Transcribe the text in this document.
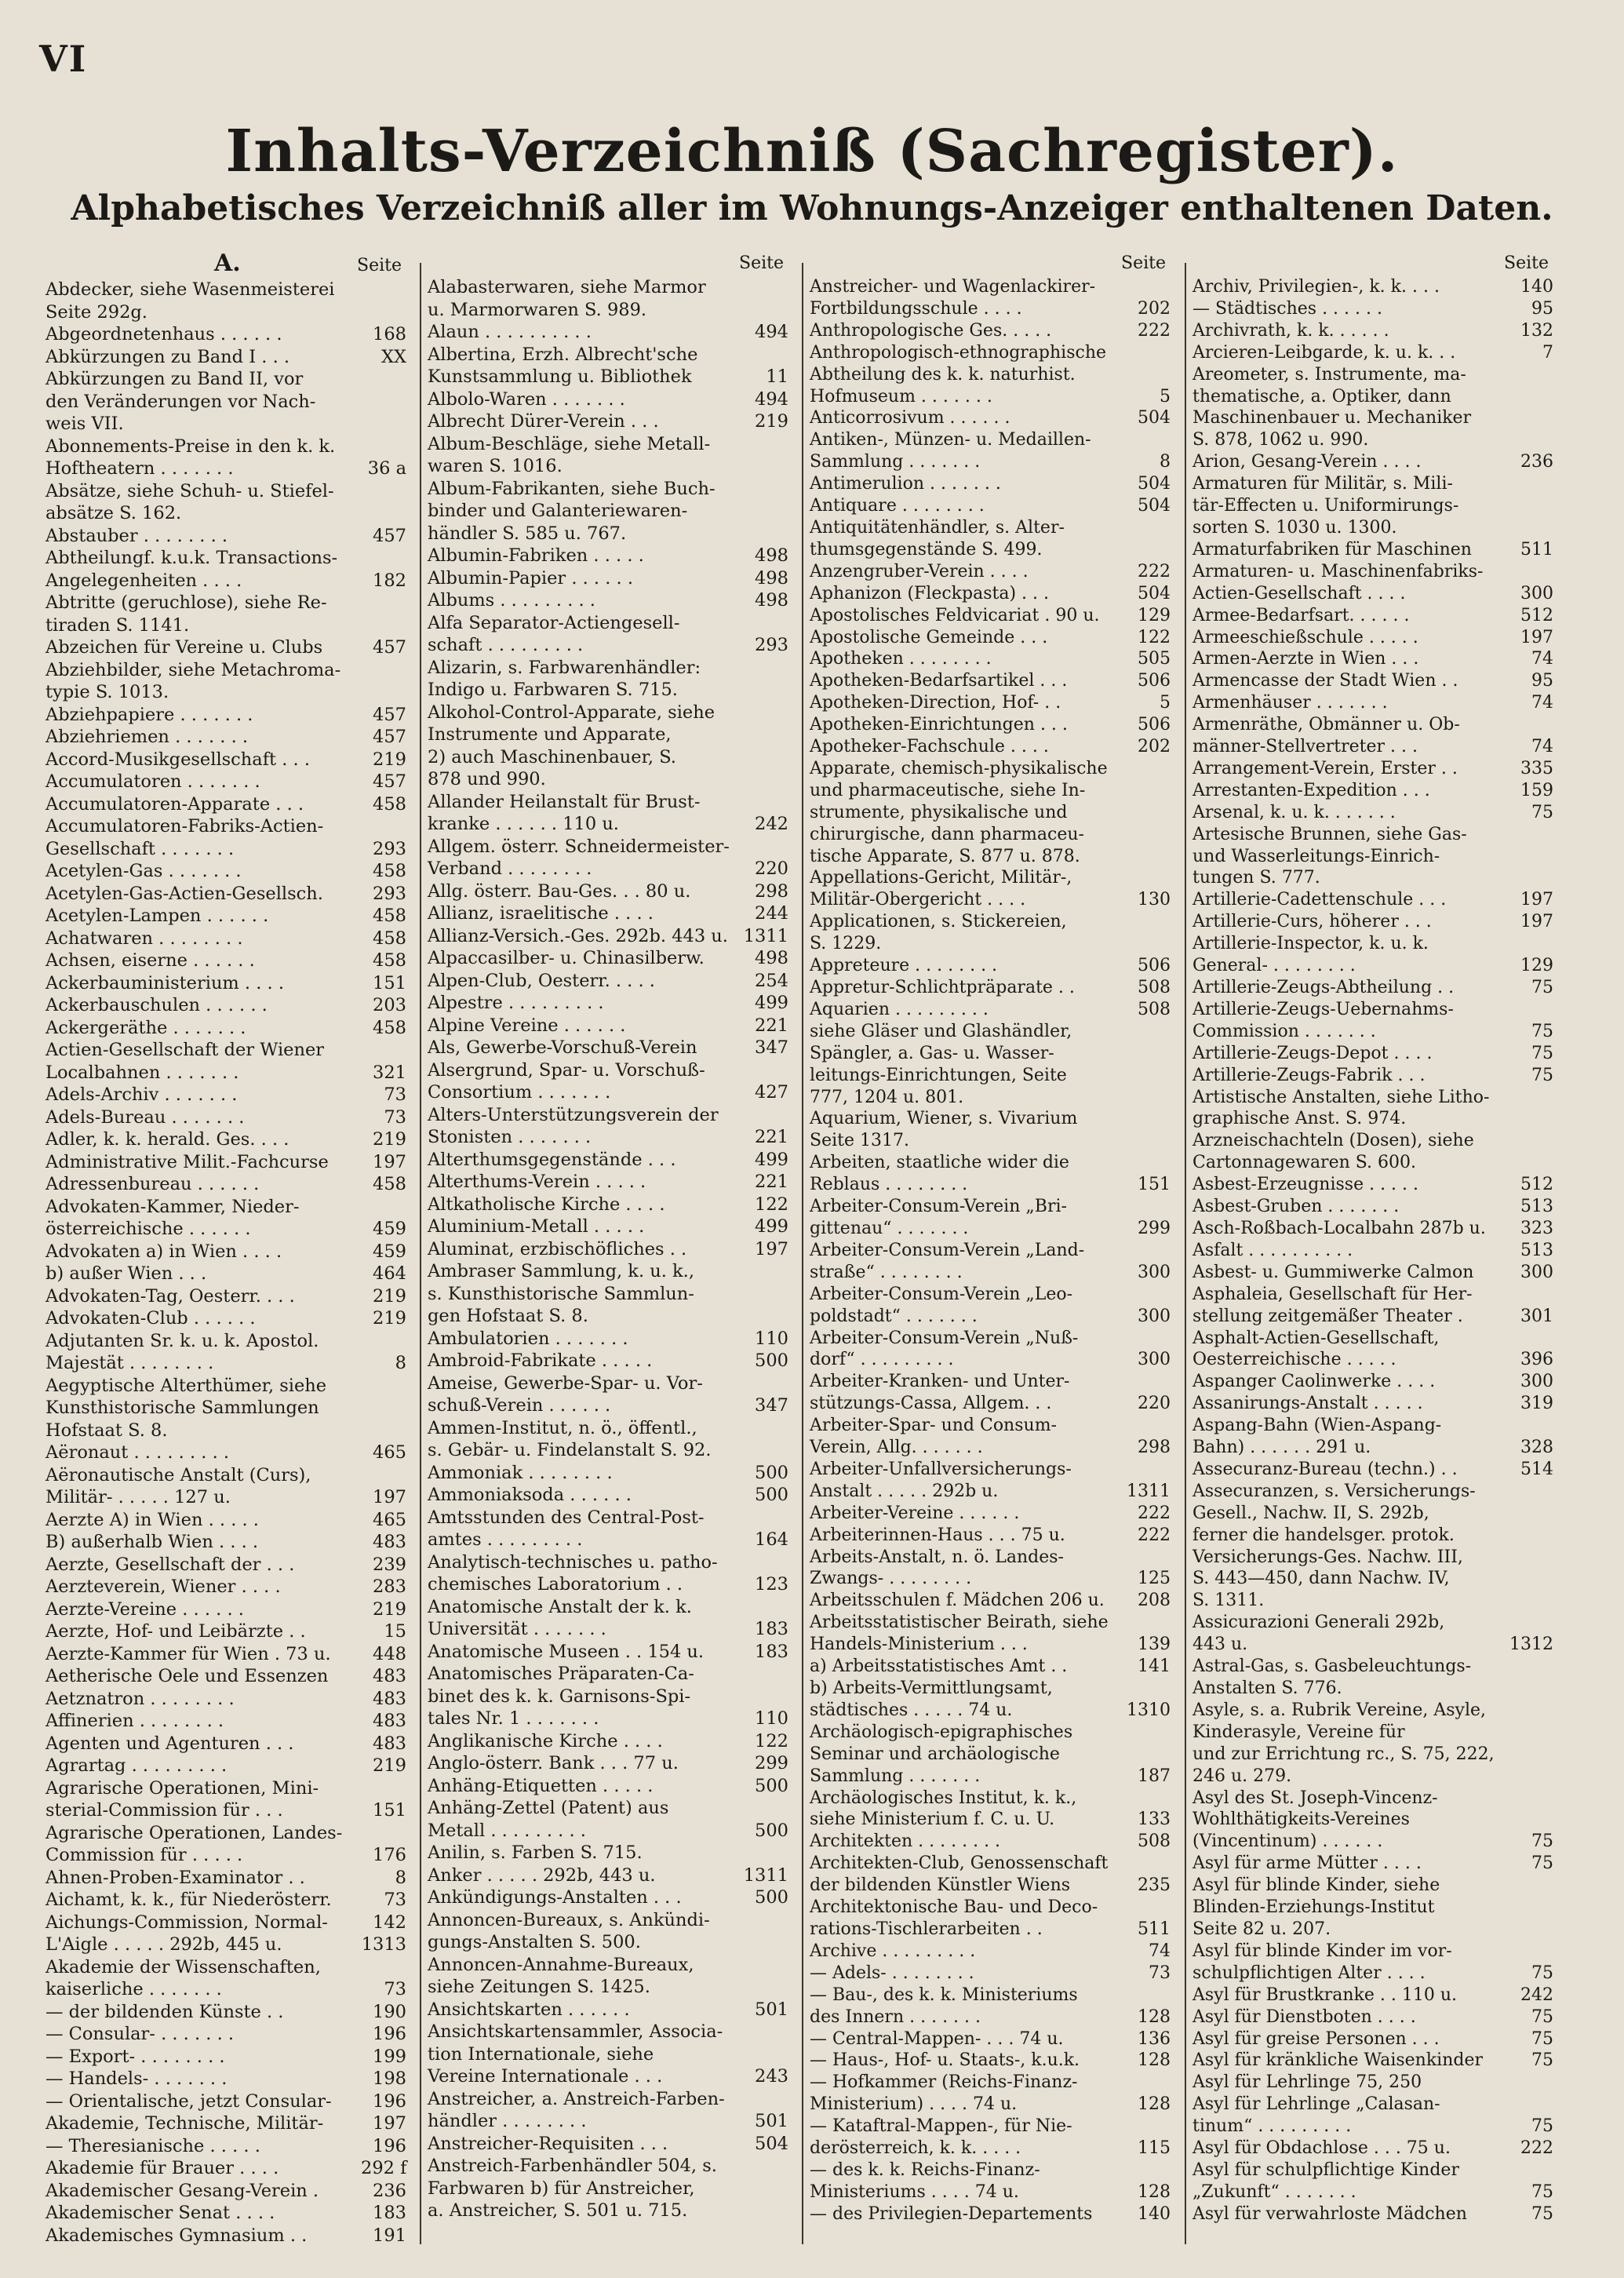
VI
Inhalts-Verzeichniß (Sachregister).
Alphabetisches Verzeichniß aller im Wohnungs-Anzeiger enthaltenen Daten.
A.	Seite
Abdecker, siehe Wasenmeisterei
Seite 292g.
Abgeordnetenhaus . . . . . .	168
Abkürzungen zu Band I . . .	XX
Abkürzungen zu Band II, vor
den Veränderungen vor Nach-
weis VII.
Abonnements-Preise in den k. k.
Hoftheatern . . . . . . .	36 a
Absätze, siehe Schuh- u. Stiefel-
absätze S. 162.
Abstauber . . . . . . . .	457
Abtheilungf. k.u.k. Transactions-
Angelegenheiten . . . .	182
Abtritte (geruchlose), siehe Re-
tiraden S. 1141.
Abzeichen für Vereine u. Clubs	457
Abziehbilder, siehe Metachroma-
typie S. 1013.
Abziehpapiere . . . . . . .	457
Abziehriemen . . . . . . .	457
Accord-Musikgesellschaft . . .	219
Accumulatoren . . . . . . .	457
Accumulatoren-Apparate . . .	458
Accumulatoren-Fabriks-Actien-
Gesellschaft . . . . . . .	293
Acetylen-Gas . . . . . . .	458
Acetylen-Gas-Actien-Gesellsch.	293
Acetylen-Lampen . . . . . .	458
Achatwaren . . . . . . . .	458
Achsen, eiserne . . . . . .	458
Ackerbauministerium . . . .	151
Ackerbauschulen . . . . . .	203
Ackergeräthe . . . . . . .	458
Actien-Gesellschaft der Wiener
Localbahnen . . . . . . .	321
Adels-Archiv . . . . . . .	73
Adels-Bureau . . . . . . .	73
Adler, k. k. herald. Ges. . . .	219
Administrative Milit.-Fachcurse	197
Adressenbureau . . . . . .	458
Advokaten-Kammer, Nieder-
österreichische . . . . . .	459
Advokaten a) in Wien . . . .	459
b) außer Wien . . .	464
Advokaten-Tag, Oesterr. . . .	219
Advokaten-Club . . . . . .	219
Adjutanten Sr. k. u. k. Apostol.
Majestät . . . . . . . .	8
Aegyptische Alterthümer, siehe
Kunsthistorische Sammlungen
Hofstaat S. 8.
Aëronaut . . . . . . . . .	465
Aëronautische Anstalt (Curs),
Militär- . . . . . 127 u.	197
Aerzte A) in Wien . . . . .	465
B) außerhalb Wien . . . .	483
Aerzte, Gesellschaft der . . .	239
Aerzteverein, Wiener . . . .	283
Aerzte-Vereine . . . . . .	219
Aerzte, Hof- und Leibärzte . .	15
Aerzte-Kammer für Wien . 73 u.	448
Aetherische Oele und Essenzen	483
Aetznatron . . . . . . . .	483
Affinerien . . . . . . . .	483
Agenten und Agenturen . . .	483
Agrartag . . . . . . . . .	219
Agrarische Operationen, Mini-
sterial-Commission für . . .	151
Agrarische Operationen, Landes-
Commission für . . . . .	176
Ahnen-Proben-Examinator . .	8
Aichamt, k. k., für Niederösterr.	73
Aichungs-Commission, Normal-	142
L'Aigle . . . . . 292b, 445 u.	1313
Akademie der Wissenschaften,
kaiserliche . . . . . . .	73
— der bildenden Künste . .	190
— Consular- . . . . . . .	196
— Export- . . . . . . . .	199
— Handels- . . . . . . .	198
— Orientalische, jetzt Consular-	196
Akademie, Technische, Militär-	197
— Theresianische . . . . .	196
Akademie für Brauer . . . .	292 f
Akademischer Gesang-Verein .	236
Akademischer Senat . . . .	183
Akademisches Gymnasium . .	191
Seite
Alabasterwaren, siehe Marmor
u. Marmorwaren S. 989.
Alaun . . . . . . . . . .	494
Albertina, Erzh. Albrecht'sche
Kunstsammlung u. Bibliothek	11
Albolo-Waren . . . . . . .	494
Albrecht Dürer-Verein . . .	219
Album-Beschläge, siehe Metall-
waren S. 1016.
Album-Fabrikanten, siehe Buch-
binder und Galanteriewaren-
händler S. 585 u. 767.
Albumin-Fabriken . . . . .	498
Albumin-Papier . . . . . .	498
Albums . . . . . . . . .	498
Alfa Separator-Actiengesell-
schaft . . . . . . . . .	293
Alizarin, s. Farbwarenhändler:
Indigo u. Farbwaren S. 715.
Alkohol-Control-Apparate, siehe
Instrumente und Apparate,
2) auch Maschinenbauer, S.
878 und 990.
Allander Heilanstalt für Brust-
kranke . . . . . . 110 u.	242
Allgem. österr. Schneidermeister-
Verband . . . . . . . .	220
Allg. österr. Bau-Ges. . . 80 u.	298
Allianz, israelitische . . . .	244
Allianz-Versich.-Ges. 292b. 443 u. 1311
Alpaccasilber- u. Chinasilberw.	498
Alpen-Club, Oesterr. . . . .	254
Alpestre . . . . . . . . .	499
Alpine Vereine . . . . . .	221
Als, Gewerbe-Vorschuß-Verein	347
Alsergrund, Spar- u. Vorschuß-
Consortium . . . . . . .	427
Alters-Unterstützungsverein der
Stonisten . . . . . . .	221
Alterthumsgegenstände . . .	499
Alterthums-Verein . . . . .	221
Altkatholische Kirche . . . .	122
Aluminium-Metall . . . . .	499
Aluminat, erzbischöfliches . .	197
Ambraser Sammlung, k. u. k.,
s. Kunsthistorische Sammlun-
gen Hofstaat S. 8.
Ambulatorien . . . . . . .	110
Ambroid-Fabrikate . . . . .	500
Ameise, Gewerbe-Spar- u. Vor-
schuß-Verein . . . . . .	347
Ammen-Institut, n. ö., öffentl.,
s. Gebär- u. Findelanstalt S. 92.
Ammoniak . . . . . . . .	500
Ammoniaksoda . . . . . .	500
Amtsstunden des Central-Post-
amtes . . . . . . . . .	164
Analytisch-technisches u. patho-
chemisches Laboratorium . .	123
Anatomische Anstalt der k. k.
Universität . . . . . . .	183
Anatomische Museen . . 154 u.	183
Anatomisches Präparaten-Ca-
binet des k. k. Garnisons-Spi-
tales Nr. 1 . . . . . . .	110
Anglikanische Kirche . . . .	122
Anglo-österr. Bank . . . 77 u.	299
Anhäng-Etiquetten . . . . .	500
Anhäng-Zettel (Patent) aus
Metall . . . . . . . . .	500
Anilin, s. Farben S. 715.
Anker . . . . . 292b, 443 u.	1311
Ankündigungs-Anstalten . . .	500
Annoncen-Bureaux, s. Ankündi-
gungs-Anstalten S. 500.
Annoncen-Annahme-Bureaux,
siehe Zeitungen S. 1425.
Ansichtskarten . . . . . .	501
Ansichtskartensammler, Associa-
tion Internationale, siehe
Vereine Internationale . . .	243
Anstreicher, a. Anstreich-Farben-
händler . . . . . . . .	501
Anstreicher-Requisiten . . .	504
Anstreich-Farbenhändler 504, s.
Farbwaren b) für Anstreicher,
a. Anstreicher, S. 501 u. 715.
Seite
Anstreicher- und Wagenlackirer-
Fortbildungsschule . . . .	202
Anthropologische Ges. . . . .	222
Anthropologisch-ethnographische
Abtheilung des k. k. naturhist.
Hofmuseum . . . . . . .	5
Anticorrosivum . . . . . .	504
Antiken-, Münzen- u. Medaillen-
Sammlung . . . . . . .	8
Antimerulion . . . . . . .	504
Antiquare . . . . . . . .	504
Antiquitätenhändler, s. Alter-
thumsgegenstände S. 499.
Anzengruber-Verein . . . .	222
Aphanizon (Fleckpasta) . . .	504
Apostolisches Feldvicariat . 90 u.	129
Apostolische Gemeinde . . .	122
Apotheken . . . . . . . .	505
Apotheken-Bedarfsartikel . . .	506
Apotheken-Direction, Hof- . .	5
Apotheken-Einrichtungen . . .	506
Apotheker-Fachschule . . . .	202
Apparate, chemisch-physikalische
und pharmaceutische, siehe In-
strumente, physikalische und
chirurgische, dann pharmaceu-
tische Apparate, S. 877 u. 878.
Appellations-Gericht, Militär-,
Militär-Obergericht . . . .	130
Applicationen, s. Stickereien,
S. 1229.
Appreteure . . . . . . . .	506
Appretur-Schlichtpräparate . .	508
Aquarien . . . . . . . . .	508
siehe Gläser und Glashändler,
Spängler, a. Gas- u. Wasser-
leitungs-Einrichtungen, Seite
777, 1204 u. 801.
Aquarium, Wiener, s. Vivarium
Seite 1317.
Arbeiten, staatliche wider die
Reblaus . . . . . . . .	151
Arbeiter-Consum-Verein „Bri-
gittenau“ . . . . . . .	299
Arbeiter-Consum-Verein „Land-
straße“ . . . . . . . .	300
Arbeiter-Consum-Verein „Leo-
poldstadt“ . . . . . . .	300
Arbeiter-Consum-Verein „Nuß-
dorf“ . . . . . . . . .	300
Arbeiter-Kranken- und Unter-
stützungs-Cassa, Allgem. . .	220
Arbeiter-Spar- und Consum-
Verein, Allg. . . . . . .	298
Arbeiter-Unfallversicherungs-
Anstalt . . . . . 292b u.	1311
Arbeiter-Vereine . . . . . .	222
Arbeiterinnen-Haus . . . 75 u.	222
Arbeits-Anstalt, n. ö. Landes-
Zwangs- . . . . . . . .	125
Arbeitsschulen f. Mädchen 206 u.	208
Arbeitsstatistischer Beirath, siehe
Handels-Ministerium . . .	139
a) Arbeitsstatistisches Amt . .	141
b) Arbeits-Vermittlungsamt,
städtisches . . . . . 74 u.	1310
Archäologisch-epigraphisches
Seminar und archäologische
Sammlung . . . . . . .	187
Archäologisches Institut, k. k.,
siehe Ministerium f. C. u. U.	133
Architekten . . . . . . . .	508
Architekten-Club, Genossenschaft
der bildenden Künstler Wiens	235
Architektonische Bau- und Deco-
rations-Tischlerarbeiten . .	511
Archive . . . . . . . . .	74
— Adels- . . . . . . . .	73
— Bau-, des k. k. Ministeriums
des Innern . . . . . . .	128
— Central-Mappen- . . . 74 u.	136
— Haus-, Hof- u. Staats-, k.u.k.	128
— Hofkammer (Reichs-Finanz-
Ministerium) . . . . 74 u.	128
— Kataftral-Mappen-, für Nie-
derösterreich, k. k. . . . .	115
— des k. k. Reichs-Finanz-
Ministeriums . . . . 74 u.	128
— des Privilegien-Departements	140
Seite
Archiv, Privilegien-, k. k. . . .	140
— Städtisches . . . . . .	95
Archivrath, k. k. . . . . .	132
Arcieren-Leibgarde, k. u. k. . .	7
Areometer, s. Instrumente, ma-
thematische, a. Optiker, dann
Maschinenbauer u. Mechaniker
S. 878, 1062 u. 990.
Arion, Gesang-Verein . . . .	236
Armaturen für Militär, s. Mili-
tär-Effecten u. Uniformirungs-
sorten S. 1030 u. 1300.
Armaturfabriken für Maschinen	511
Armaturen- u. Maschinenfabriks-
Actien-Gesellschaft . . . .	300
Armee-Bedarfsart. . . . . .	512
Armeeschießschule . . . . .	197
Armen-Aerzte in Wien . . .	74
Armencasse der Stadt Wien . .	95
Armenhäuser . . . . . . .	74
Armenräthe, Obmänner u. Ob-
männer-Stellvertreter . . .	74
Arrangement-Verein, Erster . .	335
Arrestanten-Expedition . . .	159
Arsenal, k. u. k. . . . . . .	75
Artesische Brunnen, siehe Gas-
und Wasserleitungs-Einrich-
tungen S. 777.
Artillerie-Cadettenschule . . .	197
Artillerie-Curs, höherer . . .	197
Artillerie-Inspector, k. u. k.
General- . . . . . . . .	129
Artillerie-Zeugs-Abtheilung . .	75
Artillerie-Zeugs-Uebernahms-
Commission . . . . . . .	75
Artillerie-Zeugs-Depot . . . .	75
Artillerie-Zeugs-Fabrik . . .	75
Artistische Anstalten, siehe Litho-
graphische Anst. S. 974.
Arzneischachteln (Dosen), siehe
Cartonnagewaren S. 600.
Asbest-Erzeugnisse . . . . .	512
Asbest-Gruben . . . . . . .	513
Asch-Roßbach-Localbahn 287b u.	323
Asfalt . . . . . . . . . .	513
Asbest- u. Gummiwerke Calmon	300
Asphaleia, Gesellschaft für Her-
stellung zeitgemäßer Theater .	301
Asphalt-Actien-Gesellschaft,
Oesterreichische . . . . .	396
Aspanger Caolinwerke . . . .	300
Assanirungs-Anstalt . . . . .	319
Aspang-Bahn (Wien-Aspang-
Bahn) . . . . . . 291 u.	328
Assecuranz-Bureau (techn.) . .	514
Assecuranzen, s. Versicherungs-
Gesell., Nachw. II, S. 292b,
ferner die handelsger. protok.
Versicherungs-Ges. Nachw. III,
S. 443—450, dann Nachw. IV,
S. 1311.
Assicurazioni Generali 292b,
443 u.	1312
Astral-Gas, s. Gasbeleuchtungs-
Anstalten S. 776.
Asyle, s. a. Rubrik Vereine, Asyle,
Kinderasyle, Vereine für
und zur Errichtung rc., S. 75, 222,
246 u. 279.
Asyl des St. Joseph-Vincenz-
Wohlthätigkeits-Vereines
(Vincentinum) . . . . . .	75
Asyl für arme Mütter . . . .	75
Asyl für blinde Kinder, siehe
Blinden-Erziehungs-Institut
Seite 82 u. 207.
Asyl für blinde Kinder im vor-
schulpflichtigen Alter . . . .	75
Asyl für Brustkranke . . 110 u.	242
Asyl für Dienstboten . . . .	75
Asyl für greise Personen . . .	75
Asyl für kränkliche Waisenkinder	75
Asyl für Lehrlinge 75, 250
Asyl für Lehrlinge „Calasan-
tinum“ . . . . . . . . .	75
Asyl für Obdachlose . . . 75 u.	222
Asyl für schulpflichtige Kinder
„Zukunft“ . . . . . . .	75
Asyl für verwahrloste Mädchen	75
